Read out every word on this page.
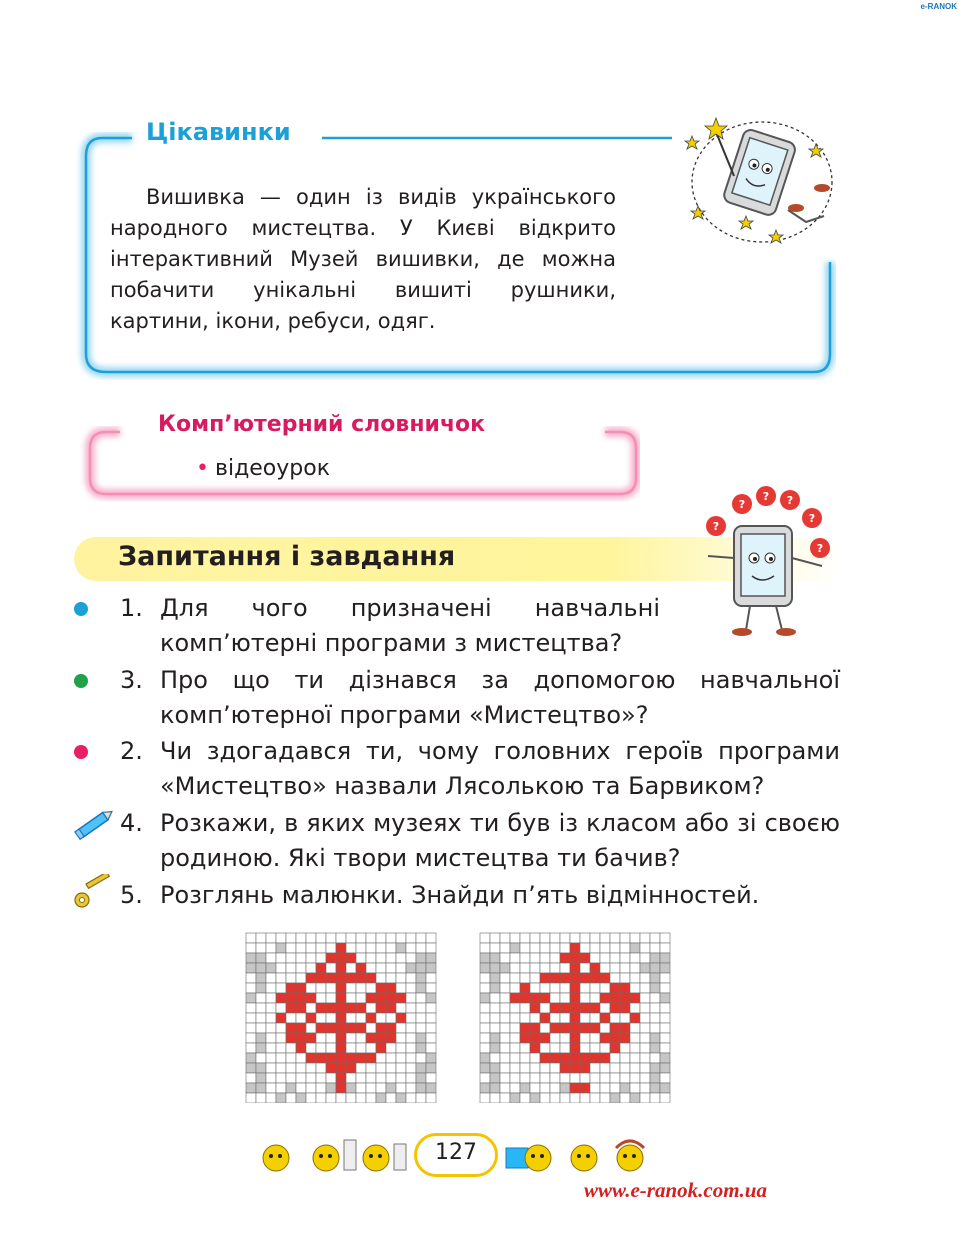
e-RANOK
Цікавинки
Вишивка — один із видів українського народного мистецтва. У Києві відкрито інтерактивний Музей вишивки, де можна побачити унікальні вишиті рушники, картини, ікони, ребуси, одяг.
Комп’ютерний словничок
• відеоурок
Запитання і завдання
?
? ?
?
?
?
1. Для чого призначені навчальні комп’ютерні програми з мистецтва?
3. Про що ти дізнався за допомогою навчальної комп’ютерної програми «Мистецтво»?
2. Чи здогадався ти, чому головних героїв програми «Мистецтво» назвали Лясолькою та Барвиком?
4. Розкажи, в яких музеях ти був із класом або зі своєю родиною. Які твори мистецтва ти бачив?
5. Розглянь малюнки. Знайди п’ять відмінностей.
127
www.e-ranok.com.ua
